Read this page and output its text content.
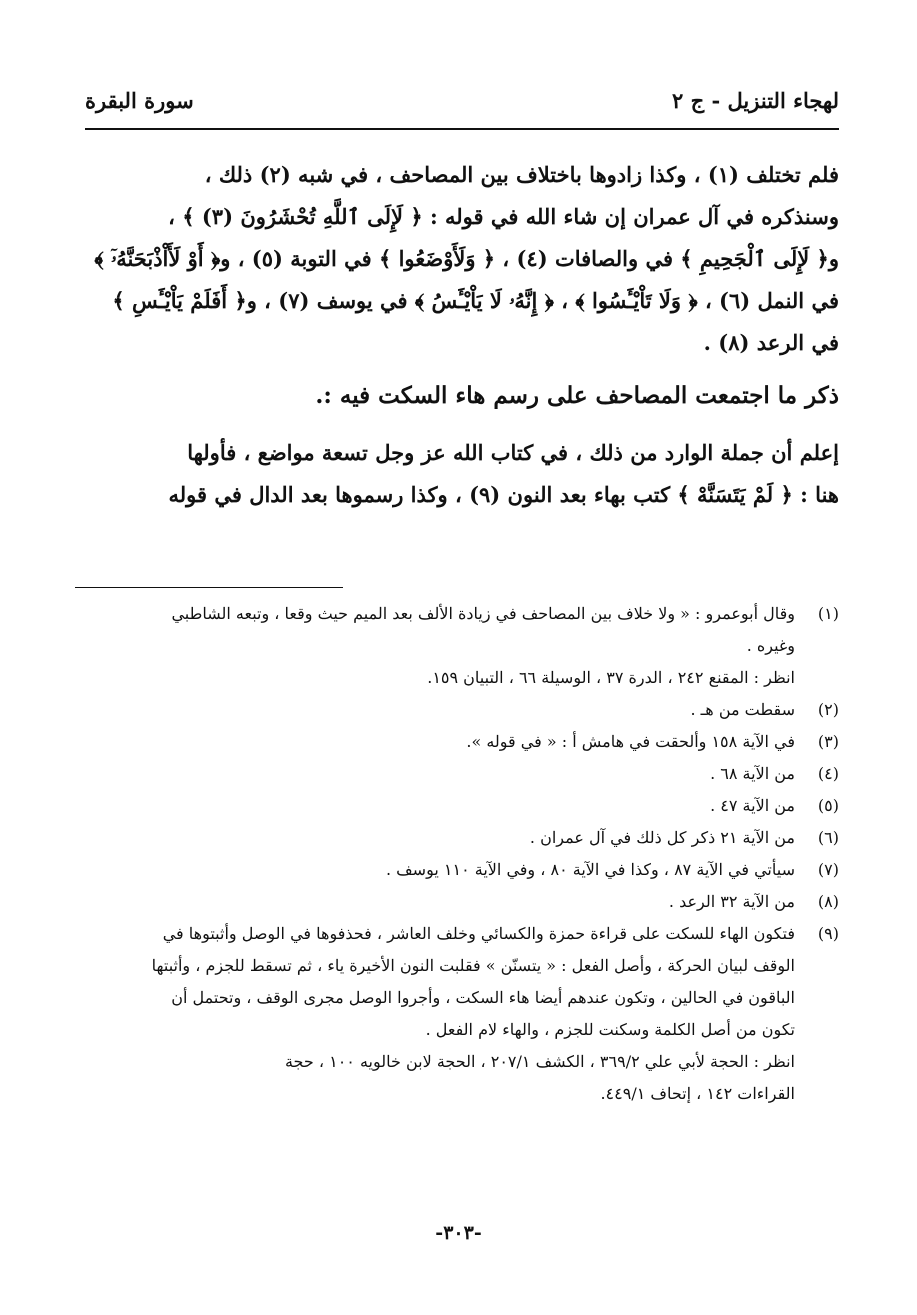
لهجاء التنزيل - ج ٢
سورة البقرة
فلم تختلف (١) ، وكذا زادوها باختلاف بين المصاحف ، في شبه (٢) ذلك ،
وسنذكره في آل عمران إن شاء الله في قوله : ﴿ لَإِلَى ٱللَّهِ تُحْشَرُونَ (٣) ﴾ ،
و﴿ لَإِلَى ٱلْجَحِيمِ ﴾ في والصافات (٤) ، ﴿ وَلَأَوْضَعُوا ﴾ في التوبة (٥) ، و﴿ أَوْ لَأَاْذْبَحَنَّهُۥٓ ﴾
في النمل (٦) ، ﴿ وَلَا تَاْيْـَٔسُوا ﴾ ، ﴿ إِنَّهُۥ لَا يَاْيْـَٔسُ ﴾ في يوسف (٧) ، و﴿ أَفَلَمْ يَاْيْـَٔسِ ﴾
في الرعد (٨) .
ذكر ما اجتمعت المصاحف على رسم هاء السكت فيه :.
إعلم أن جملة الوارد من ذلك ، في كتاب الله عز وجل تسعة مواضع ، فأولها
هنا : ﴿ لَمْ يَتَسَنَّهْ ﴾ كتب بهاء بعد النون (٩) ، وكذا رسموها بعد الدال في قوله
(١)
وقال أبوعمرو : « ولا خلاف بين المصاحف في زيادة الألف بعد الميم حيث وقعا ، وتبعه الشاطبي
وغيره .
انظر : المقنع ٢٤٢ ، الدرة ٣٧ ، الوسيلة ٦٦ ، التبيان ١٥٩.
(٢)
سقطت من هـ .
(٣)
في الآية ١٥٨ وألحقت في هامش أ : « في قوله ».
(٤)
من الآية ٦٨ .
(٥)
من الآية ٤٧ .
(٦)
من الآية ٢١ ذكر كل ذلك في آل عمران .
(٧)
سيأتي في الآية ٨٧ ، وكذا في الآية ٨٠ ، وفي الآية ١١٠ يوسف .
(٨)
من الآية ٣٢ الرعد .
(٩)
فتكون الهاء للسكت على قراءة حمزة والكسائي وخلف العاشر ، فحذفوها في الوصل وأثبتوها في
الوقف لبيان الحركة ، وأصل الفعل : « يتسنّن » فقلبت النون الأخيرة ياء ، ثم تسقط للجزم ، وأثبتها
الباقون في الحالين ، وتكون عندهم أيضا هاء السكت ، وأجروا الوصل مجرى الوقف ، وتحتمل أن
تكون من أصل الكلمة وسكنت للجزم ، والهاء لام الفعل .
انظر : الحجة لأبي علي ٣٦٩/٢ ، الكشف ٢٠٧/١ ، الحجة لابن خالويه ١٠٠ ، حجة
القراءات ١٤٢ ، إتحاف ٤٤٩/١.
-٣٠٣-
